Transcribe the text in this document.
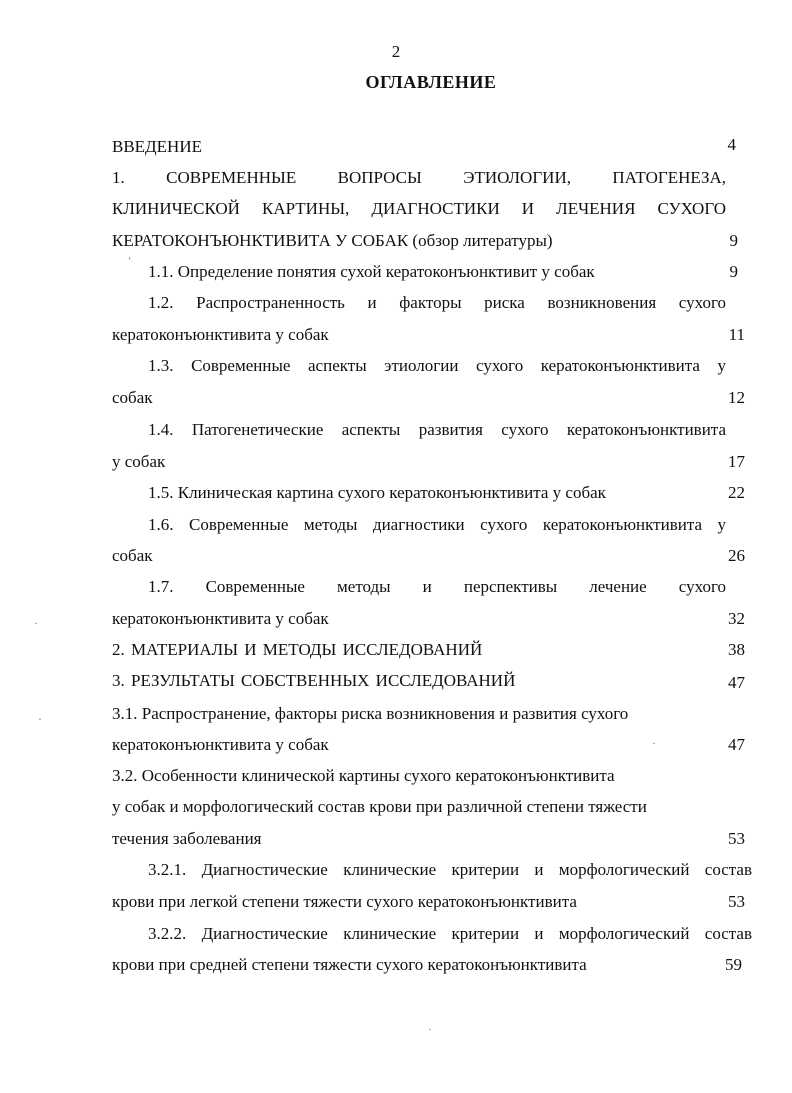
2
ОГЛАВЛЕНИЕ
ВВЕДЕНИЕ	4
1. СОВРЕМЕННЫЕ ВОПРОСЫ ЭТИОЛОГИИ, ПАТОГЕНЕЗА,
КЛИНИЧЕСКОЙ КАРТИНЫ, ДИАГНОСТИКИ И ЛЕЧЕНИЯ СУХОГО
КЕРАТОКОНЪЮНКТИВИТА У СОБАК (обзор литературы)	9
1.1. Определение понятия сухой кератоконъюнктивит у собак	9
1.2. Распространенность и факторы риска возникновения сухого
кератоконъюнктивита у собак	11
1.3. Современные аспекты этиологии сухого кератоконъюнктивита у
собак	12
1.4. Патогенетические аспекты развития сухого кератоконъюнктивита
у собак	17
1.5. Клиническая картина сухого кератоконъюнктивита у собак	22
1.6. Современные методы диагностики сухого кератоконъюнктивита у
собак	26
1.7. Современные методы и перспективы лечение сухого
кератоконъюнктивита у собак	32
2. МАТЕРИАЛЫ И МЕТОДЫ ИССЛЕДОВАНИЙ	38
3. РЕЗУЛЬТАТЫ СОБСТВЕННЫХ ИССЛЕДОВАНИЙ	47
3.1. Распространение, факторы риска возникновения и развития сухого
кератоконъюнктивита у собак	47
3.2. Особенности клинической картины сухого кератоконъюнктивита
у собак и морфологический состав крови при различной степени тяжести
течения заболевания	53
3.2.1. Диагностические клинические критерии и морфологический состав
крови при легкой степени тяжести сухого кератоконъюнктивита	53
3.2.2. Диагностические клинические критерии и морфологический состав
крови при средней степени тяжести сухого кератоконъюнктивита	59
‘
·
·
·
·
